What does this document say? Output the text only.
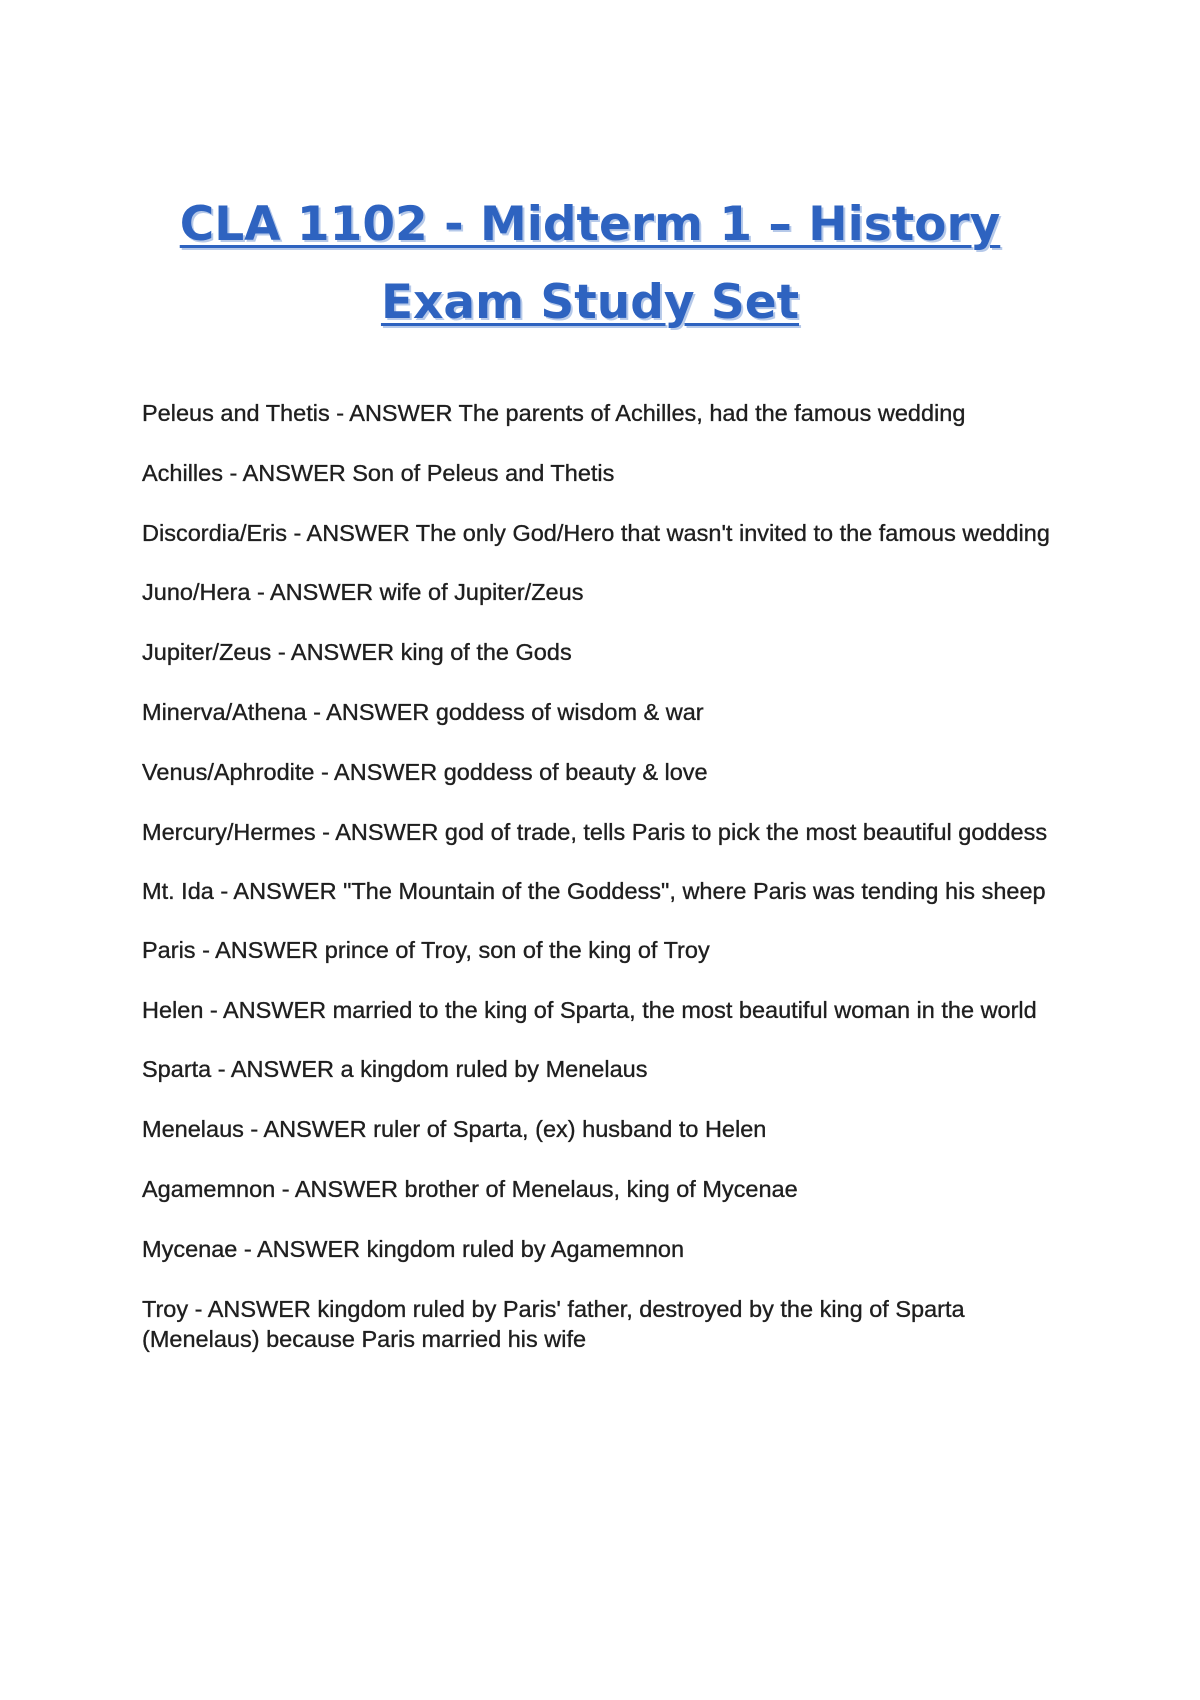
CLA 1102 - Midterm 1 – History
Exam Study Set

Peleus and Thetis - ANSWER The parents of Achilles, had the famous wedding

Achilles - ANSWER Son of Peleus and Thetis

Discordia/Eris - ANSWER The only God/Hero that wasn't invited to the famous wedding

Juno/Hera - ANSWER wife of Jupiter/Zeus

Jupiter/Zeus - ANSWER king of the Gods

Minerva/Athena - ANSWER goddess of wisdom & war

Venus/Aphrodite - ANSWER goddess of beauty & love

Mercury/Hermes - ANSWER god of trade, tells Paris to pick the most beautiful goddess

Mt. Ida - ANSWER "The Mountain of the Goddess", where Paris was tending his sheep

Paris - ANSWER prince of Troy, son of the king of Troy

Helen - ANSWER married to the king of Sparta, the most beautiful woman in the world

Sparta - ANSWER a kingdom ruled by Menelaus

Menelaus - ANSWER ruler of Sparta, (ex) husband to Helen

Agamemnon - ANSWER brother of Menelaus, king of Mycenae

Mycenae - ANSWER kingdom ruled by Agamemnon

Troy - ANSWER kingdom ruled by Paris' father, destroyed by the king of Sparta (Menelaus) because Paris married his wife
